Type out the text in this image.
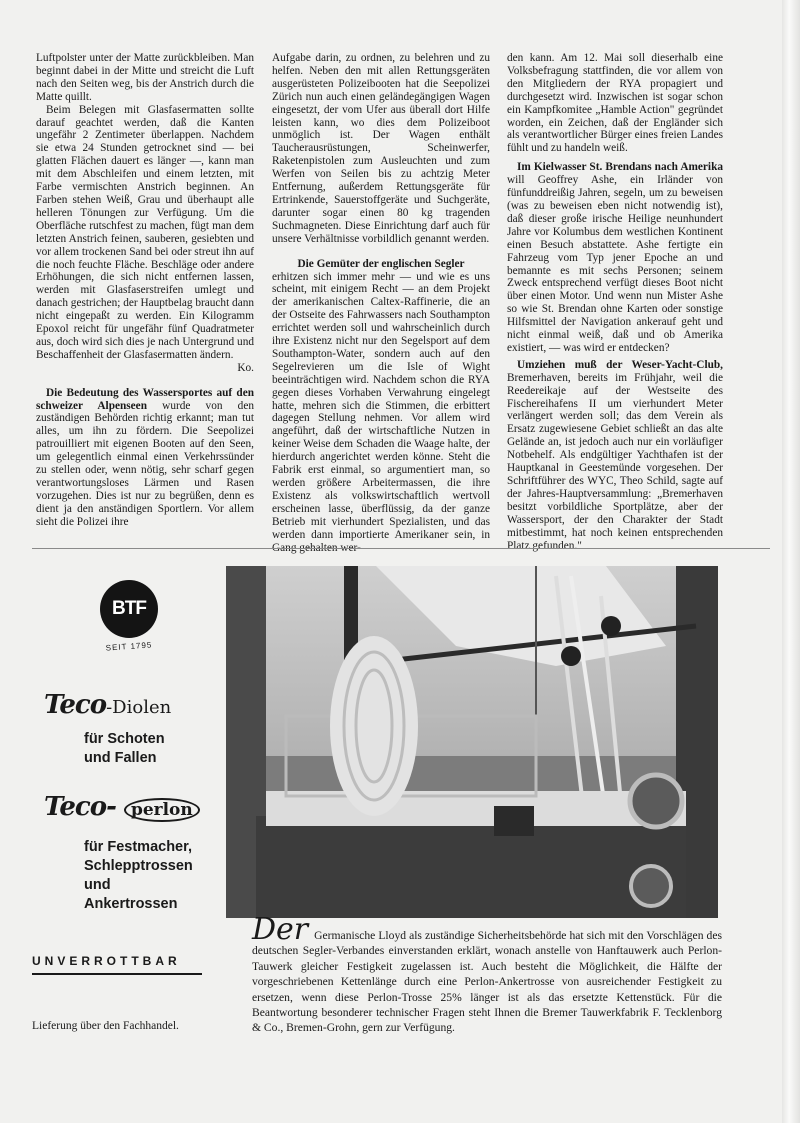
Luftpolster unter der Matte zurückbleiben. Man beginnt dabei in der Mitte und streicht die Luft nach den Seiten weg, bis der Anstrich durch die Matte quillt.

Beim Belegen mit Glasfasermatten sollte darauf geachtet werden, daß die Kanten ungefähr 2 Zentimeter überlappen. Nachdem sie etwa 24 Stunden getrocknet sind — bei glatten Flächen dauert es länger —, kann man mit dem Abschleifen und einem letzten, mit Farbe vermischten Anstrich beginnen. An Farben stehen Weiß, Grau und überhaupt alle helleren Tönungen zur Verfügung. Um die Oberfläche rutschfest zu machen, fügt man dem letzten Anstrich feinen, sauberen, gesiebten und vor allem trockenen Sand bei oder streut ihn auf die noch feuchte Fläche. Beschläge oder andere Erhöhungen, die sich nicht entfernen lassen, werden mit Glasfaserstreifen umlegt und danach gestrichen; der Hauptbelag braucht dann nicht eingepaßt zu werden. Ein Kilogramm Epoxol reicht für ungefähr fünf Quadratmeter aus, doch wird sich dies je nach Untergrund und Beschaffenheit der Glasfasermatten ändern.

Ko.

Die Bedeutung des Wassersportes auf den schweizer Alpenseen wurde von den zuständigen Behörden richtig erkannt; man tut alles, um ihn zu fördern. Die Seepolizei patrouilliert mit eigenen Booten auf den Seen, um gelegentlich einmal einen Verkehrssünder zu stellen oder, wenn nötig, sehr scharf gegen verantwortungsloses Lärmen und Rasen vorzugehen. Dies ist nur zu begrüßen, denn es dient ja den anständigen Sportlern. Vor allem sieht die Polizei ihre

Aufgabe darin, zu ordnen, zu belehren und zu helfen. Neben den mit allen Rettungsgeräten ausgerüsteten Polizeibooten hat die Seepolizei Zürich nun auch einen geländegängigen Wagen eingesetzt, der vom Ufer aus überall dort Hilfe leisten kann, wo dies dem Polizeiboot unmöglich ist. Der Wagen enthält Taucherausrüstungen, Scheinwerfer, Raketenpistolen zum Ausleuchten und zum Werfen von Seilen bis zu achtzig Meter Entfernung, außerdem Rettungsgeräte für Ertrinkende, Sauerstoffgeräte und Suchgeräte, darunter sogar einen 80 kg tragenden Suchmagneten. Diese Einrichtung darf auch für unsere Verhältnisse vorbildlich genannt werden.

Die Gemüter der englischen Segler

erhitzen sich immer mehr — und wie es uns scheint, mit einigem Recht — an dem Projekt der amerikanischen Caltex-Raffinerie, die an der Ostseite des Fahrwassers nach Southampton errichtet werden soll und wahrscheinlich durch ihre Existenz nicht nur den Segelsport auf dem Southampton-Water, sondern auch auf den Segelrevieren um die Isle of Wight beeinträchtigen wird. Nachdem schon die RYA gegen dieses Vorhaben Verwahrung eingelegt hatte, mehren sich die Stimmen, die erbittert dagegen Stellung nehmen. Vor allem wird angeführt, daß der wirtschaftliche Nutzen in keiner Weise dem Schaden die Waage halte, der hierdurch angerichtet werden könne. Steht die Fabrik erst einmal, so argumentiert man, so werden größere Arbeitermassen, die ihre Existenz als volkswirtschaftlich wertvoll erscheinen lasse, überflüssig, da der ganze Betrieb mit vierhundert Spezialisten, und das werden dann importierte Amerikaner sein, in Gang gehalten wer-

den kann. Am 12. Mai soll dieserhalb eine Volksbefragung stattfinden, die vor allem von den Mitgliedern der RYA propagiert und durchgesetzt wird. Inzwischen ist sogar schon ein Kampfkomitee „Hamble Action" gegründet worden, ein Zeichen, daß der Engländer sich als verantwortlicher Bürger eines freien Landes fühlt und zu handeln weiß.

Im Kielwasser St. Brendans nach Amerika will Geoffrey Ashe, ein Irländer von fünfunddreißig Jahren, segeln, um zu beweisen (was zu beweisen eben nicht notwendig ist), daß dieser große irische Heilige neunhundert Jahre vor Kolumbus dem westlichen Kontinent einen Besuch abstattete. Ashe fertigte ein Fahrzeug vom Typ jener Epoche an und bemannte es mit sechs Personen; seinem Zweck entsprechend verfügt dieses Boot nicht über einen Motor. Und wenn nun Mister Ashe so wie St. Brendan ohne Karten oder sonstige Hilfsmittel der Navigation ankerauf geht und nicht einmal weiß, daß und ob Amerika existiert, — was wird er entdecken?

Umziehen muß der Weser-Yacht-Club, Bremerhaven, bereits im Frühjahr, weil die Reedereikaje auf der Westseite des Fischereihafens II um vierhundert Meter verlängert werden soll; das dem Verein als Ersatz zugewiesene Gebiet schließt an das alte Gelände an, ist jedoch auch nur ein vorläufiger Notbehelf. Als endgültiger Yachthafen ist der Hauptkanal in Geestemünde vorgesehen. Der Schriftführer des WYC, Theo Schild, sagte auf der Jahres-Hauptversammlung: „Bremerhaven besitzt vorbildliche Sportplätze, aber der Wassersport, der den Charakter der Stadt mitbestimmt, hat noch keinen entsprechenden Platz gefunden."

BTF
SEIT 1795
Teco-Diolen
für Schoten
und Fallen
Teco- perlon
für Festmacher,
Schlepptrossen
und
Ankertrossen
UNVERROTTBAR
Lieferung über den Fachhandel.
Der Germanische Lloyd als zuständige Sicherheitsbehörde hat sich mit den Vorschlägen des deutschen Segler-Verbandes einverstanden erklärt, wonach anstelle von Hanftauwerk auch Perlon-Tauwerk gleicher Festigkeit zugelassen ist. Auch besteht die Möglichkeit, die Hälfte der vorgeschriebenen Kettenlänge durch eine Perlon-Ankertrosse von ausreichender Festigkeit zu ersetzen, wenn diese Perlon-Trosse 25% länger ist als das ersetzte Kettenstück. Für die Beantwortung besonderer technischer Fragen steht Ihnen die Bremer Tauwerkfabrik F. Tecklenborg & Co., Bremen-Grohn, gern zur Verfügung.
